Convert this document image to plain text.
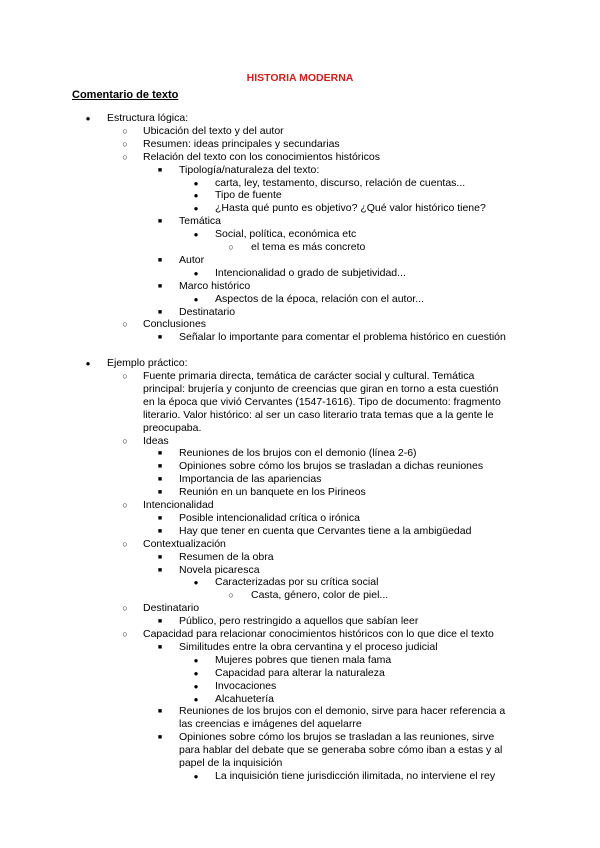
HISTORIA MODERNA
Comentario de texto
● Estructura lógica:
○ Ubicación del texto y del autor
○ Resumen: ideas principales y secundarias
○ Relación del texto con los conocimientos históricos
■ Tipología/naturaleza del texto:
● carta, ley, testamento, discurso, relación de cuentas...
● Tipo de fuente
● ¿Hasta qué punto es objetivo? ¿Qué valor histórico tiene?
■ Temática
● Social, política, económica etc
○ el tema es más concreto
■ Autor
● Intencionalidad o grado de subjetividad...
■ Marco histórico
● Aspectos de la época, relación con el autor...
■ Destinatario
○ Conclusiones
■ Señalar lo importante para comentar el problema histórico en cuestión
● Ejemplo práctico:
○ Fuente primaria directa, temática de carácter social y cultural. Temática
principal: brujería y conjunto de creencias que giran en torno a esta cuestión
en la época que vivió Cervantes (1547-1616). Tipo de documento: fragmento
literario. Valor histórico: al ser un caso literario trata temas que a la gente le
preocupaba.
○ Ideas
■ Reuniones de los brujos con el demonio (línea 2-6)
■ Opiniones sobre cómo los brujos se trasladan a dichas reuniones
■ Importancia de las apariencias
■ Reunión en un banquete en los Pirineos
○ Intencionalidad
■ Posible intencionalidad crítica o irónica
■ Hay que tener en cuenta que Cervantes tiene a la ambigüedad
○ Contextualización
■ Resumen de la obra
■ Novela picaresca
● Caracterizadas por su crítica social
○ Casta, género, color de piel...
○ Destinatario
■ Público, pero restringido a aquellos que sabían leer
○ Capacidad para relacionar conocimientos históricos con lo que dice el texto
■ Similitudes entre la obra cervantina y el proceso judicial
● Mujeres pobres que tienen mala fama
● Capacidad para alterar la naturaleza
● Invocaciones
● Alcahuetería
■ Reuniones de los brujos con el demonio, sirve para hacer referencia a
las creencias e imágenes del aquelarre
■ Opiniones sobre cómo los brujos se trasladan a las reuniones, sirve
para hablar del debate que se generaba sobre cómo iban a estas y al
papel de la inquisición
● La inquisición tiene jurisdicción ilimitada, no interviene el rey
